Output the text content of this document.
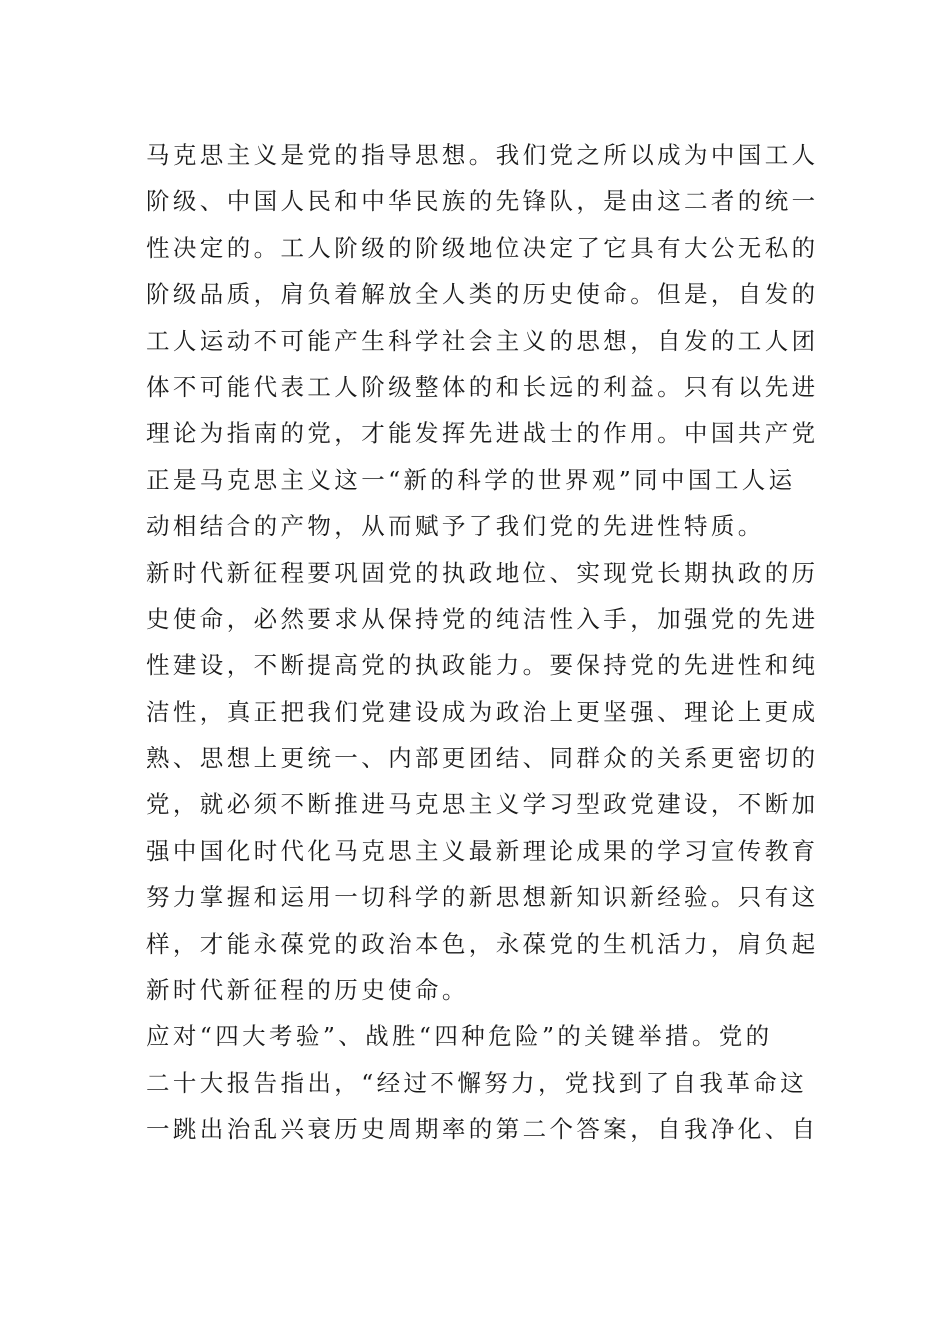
马克思主义是党的指导思想。我们党之所以成为中国工人
阶级、中国人民和中华民族的先锋队，是由这二者的统一
性决定的。工人阶级的阶级地位决定了它具有大公无私的
阶级品质，肩负着解放全人类的历史使命。但是，自发的
工人运动不可能产生科学社会主义的思想，自发的工人团
体不可能代表工人阶级整体的和长远的利益。只有以先进
理论为指南的党，才能发挥先进战士的作用。中国共产党
正是马克思主义这一“新的科学的世界观”同中国工人运
动相结合的产物，从而赋予了我们党的先进性特质。
新时代新征程要巩固党的执政地位、实现党长期执政的历
史使命，必然要求从保持党的纯洁性入手，加强党的先进
性建设，不断提高党的执政能力。要保持党的先进性和纯
洁性，真正把我们党建设成为政治上更坚强、理论上更成
熟、思想上更统一、内部更团结、同群众的关系更密切的
党，就必须不断推进马克思主义学习型政党建设，不断加
强中国化时代化马克思主义最新理论成果的学习宣传教育
努力掌握和运用一切科学的新思想新知识新经验。只有这
样，才能永葆党的政治本色，永葆党的生机活力，肩负起
新时代新征程的历史使命。
应对“四大考验”、战胜“四种危险”的关键举措。党的
二十大报告指出，“经过不懈努力，党找到了自我革命这
一跳出治乱兴衰历史周期率的第二个答案，自我净化、自
